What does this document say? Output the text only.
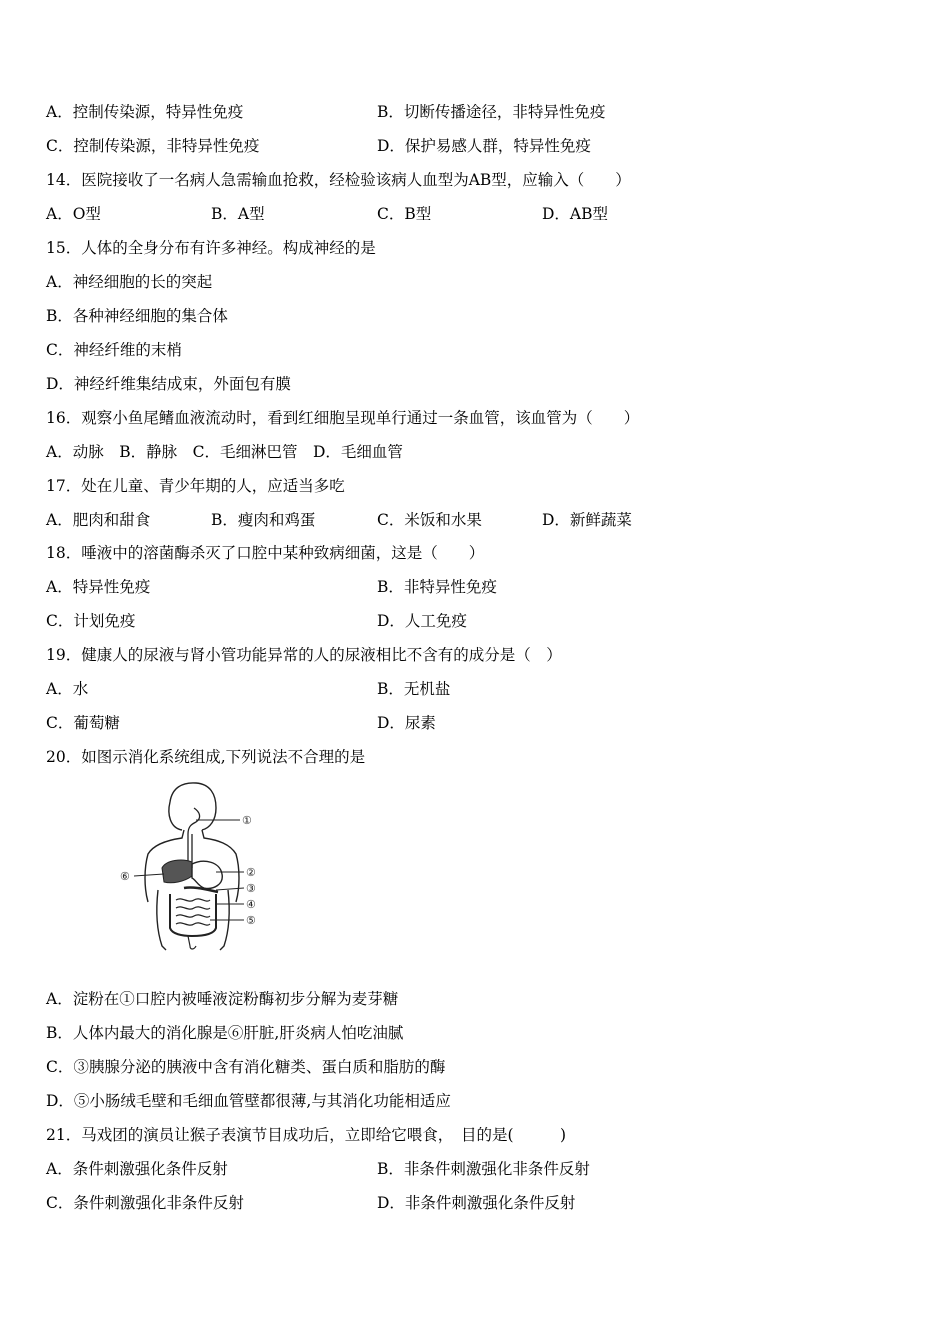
A．控制传染源，特异性免疫	B．切断传播途径，非特异性免疫
C．控制传染源，非特异性免疫	D．保护易感人群，特异性免疫
14．医院接收了一名病人急需输血抢救，经检验该病人血型为AB型，应输入（　　）
A．O型	B．A型	C．B型	D．AB型
15．人体的全身分布有许多神经。构成神经的是
A．神经细胞的长的突起
B．各种神经细胞的集合体
C．神经纤维的末梢
D．神经纤维集结成束，外面包有膜
16．观察小鱼尾鳍血液流动时，看到红细胞呈现单行通过一条血管，该血管为（　　）
A．动脉　B．静脉　C．毛细淋巴管　D．毛细血管
17．处在儿童、青少年期的人，应适当多吃
A．肥肉和甜食	B．瘦肉和鸡蛋	C．米饭和水果	D．新鲜蔬菜
18．唾液中的溶菌酶杀灭了口腔中某种致病细菌，这是（　　）
A．特异性免疫	B．非特异性免疫
C．计划免疫	D．人工免疫
19．健康人的尿液与肾小管功能异常的人的尿液相比不含有的成分是（　）
A．水	B．无机盐
C．葡萄糖	D．尿素
20．如图示消化系统组成,下列说法不合理的是
①
②
③
④
⑤
⑥
A．淀粉在①口腔内被唾液淀粉酶初步分解为麦芽糖
B．人体内最大的消化腺是⑥肝脏,肝炎病人怕吃油腻
C．③胰腺分泌的胰液中含有消化糖类、蛋白质和脂肪的酶
D．⑤小肠绒毛壁和毛细血管壁都很薄,与其消化功能相适应
21．马戏团的演员让猴子表演节目成功后，立即给它喂食，　目的是(　　　)
A．条件刺激强化条件反射	B．非条件刺激强化非条件反射
C．条件刺激强化非条件反射	D．非条件刺激强化条件反射
